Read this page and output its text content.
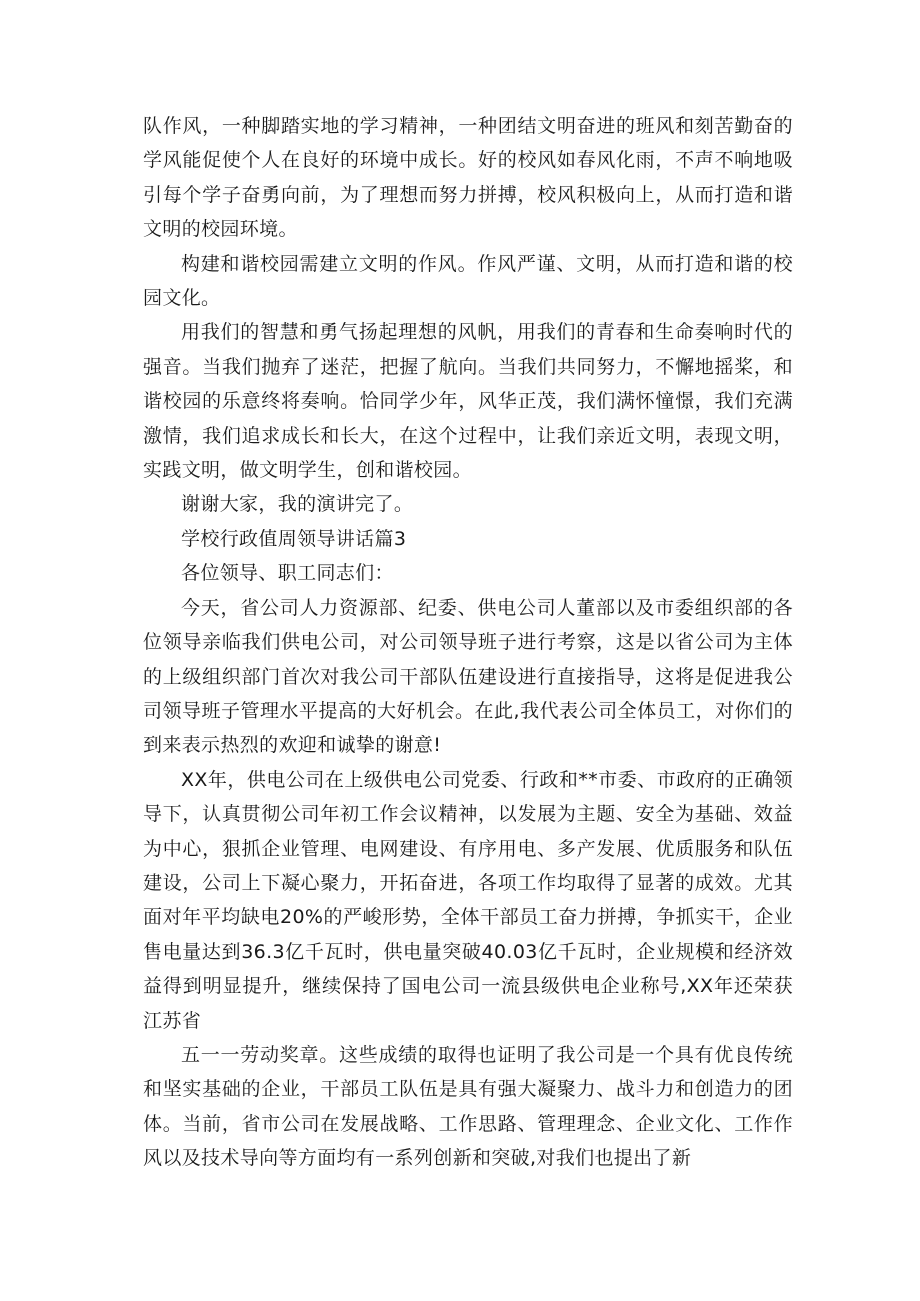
队作风，一种脚踏实地的学习精神，一种团结文明奋进的班风和刻苦勤奋的学风能促使个人在良好的环境中成长。好的校风如春风化雨，不声不响地吸引每个学子奋勇向前，为了理想而努力拼搏，校风积极向上，从而打造和谐文明的校园环境。

构建和谐校园需建立文明的作风。作风严谨、文明，从而打造和谐的校园文化。

用我们的智慧和勇气扬起理想的风帆，用我们的青春和生命奏响时代的强音。当我们抛弃了迷茫，把握了航向。当我们共同努力，不懈地摇桨，和谐校园的乐意终将奏响。恰同学少年，风华正茂，我们满怀憧憬，我们充满激情，我们追求成长和长大，在这个过程中，让我们亲近文明，表现文明，实践文明，做文明学生，创和谐校园。

谢谢大家，我的演讲完了。

学校行政值周领导讲话篇3

各位领导、职工同志们：

今天，省公司人力资源部、纪委、供电公司人董部以及市委组织部的各位领导亲临我们供电公司，对公司领导班子进行考察，这是以省公司为主体的上级组织部门首次对我公司干部队伍建设进行直接指导，这将是促进我公司领导班子管理水平提高的大好机会。在此,我代表公司全体员工，对你们的到来表示热烈的欢迎和诚挚的谢意!

XX年，供电公司在上级供电公司党委、行政和**市委、市政府的正确领导下，认真贯彻公司年初工作会议精神，以发展为主题、安全为基础、效益为中心，狠抓企业管理、电网建设、有序用电、多产发展、优质服务和队伍建设，公司上下凝心聚力，开拓奋进，各项工作均取得了显著的成效。尤其面对年平均缺电20%的严峻形势，全体干部员工奋力拼搏，争抓实干，企业售电量达到36.3亿千瓦时，供电量突破40.03亿千瓦时，企业规模和经济效益得到明显提升，继续保持了国电公司一流县级供电企业称号,XX年还荣获江苏省

五一一劳动奖章。这些成绩的取得也证明了我公司是一个具有优良传统和坚实基础的企业，干部员工队伍是具有强大凝聚力、战斗力和创造力的团体。当前，省市公司在发展战略、工作思路、管理理念、企业文化、工作作风以及技术导向等方面均有一系列创新和突破,对我们也提出了新
